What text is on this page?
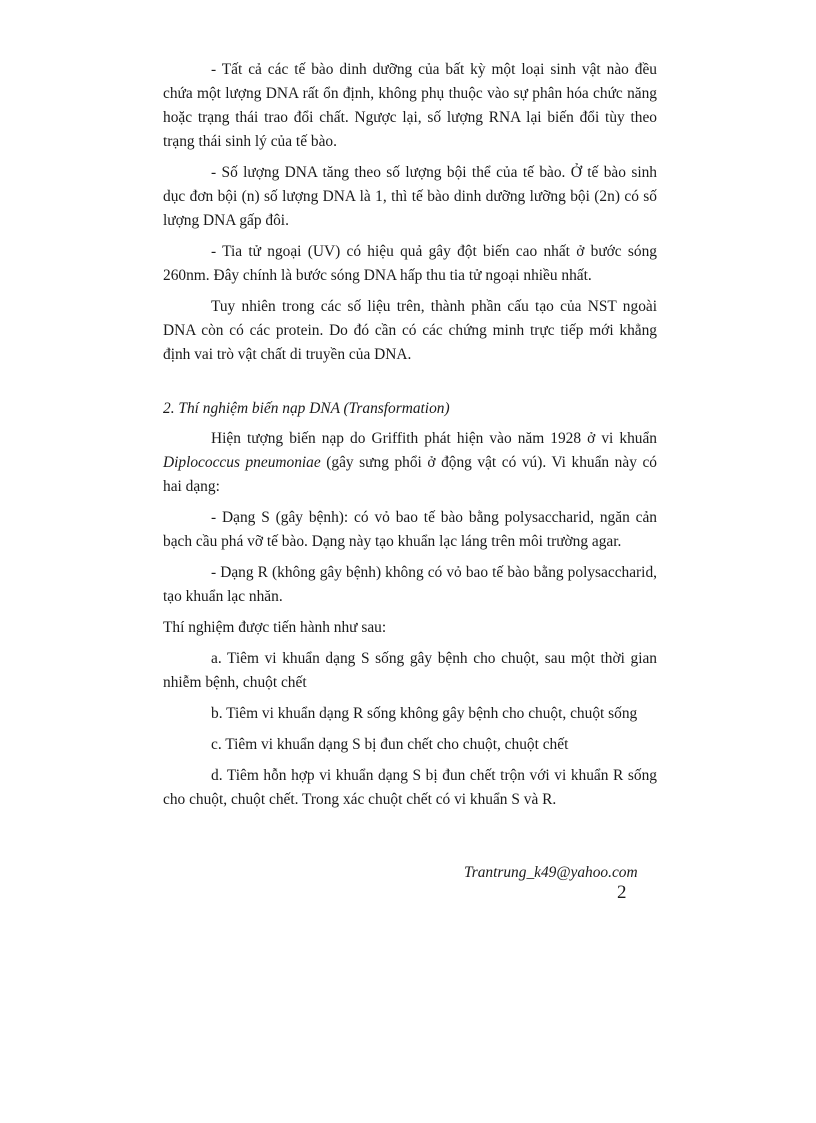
- Tất cả các tế bào dinh dưỡng của bất kỳ một loại sinh vật nào đều chứa một lượng DNA rất ổn định, không phụ thuộc vào sự phân hóa chức năng hoặc trạng thái trao đổi chất. Ngược lại, số lượng RNA lại biến đổi tùy theo trạng thái sinh lý của tế bào.

- Số lượng DNA tăng theo số lượng bội thể của tế bào. Ở tế bào sinh dục đơn bội (n) số lượng DNA là 1, thì tế bào dinh dưỡng lưỡng bội (2n) có số lượng DNA gấp đôi.

- Tia tử ngoại (UV) có hiệu quả gây đột biến cao nhất ở bước sóng 260nm. Đây chính là bước sóng DNA hấp thu tia tử ngoại nhiều nhất.

Tuy nhiên trong các số liệu trên, thành phần cấu tạo của NST ngoài DNA còn có các protein. Do đó cần có các chứng minh trực tiếp mới khẳng định vai trò vật chất di truyền của DNA.

2. Thí nghiệm biến nạp DNA (Transformation)

Hiện tượng biến nạp do Griffith phát hiện vào năm 1928 ở vi khuẩn Diplococcus pneumoniae (gây sưng phổi ở động vật có vú). Vi khuẩn này có hai dạng:

- Dạng S (gây bệnh): có vỏ bao tế bào bằng polysaccharid, ngăn cản bạch cầu phá vỡ tế bào. Dạng này tạo khuẩn lạc láng trên môi trường agar.

- Dạng R (không gây bệnh) không có vỏ bao tế bào bằng polysaccharid, tạo khuẩn lạc nhăn.

Thí nghiệm được tiến hành như sau:

a. Tiêm vi khuẩn dạng S sống gây bệnh cho chuột, sau một thời gian nhiễm bệnh, chuột chết

b. Tiêm vi khuẩn dạng R sống không gây bệnh cho chuột, chuột sống

c. Tiêm vi khuẩn dạng S bị đun chết cho chuột, chuột chết

d. Tiêm hỗn hợp vi khuẩn dạng S bị đun chết trộn với vi khuẩn R sống cho chuột, chuột chết. Trong xác chuột chết có vi khuẩn S và R.

Trantrung_k49@yahoo.com
2
